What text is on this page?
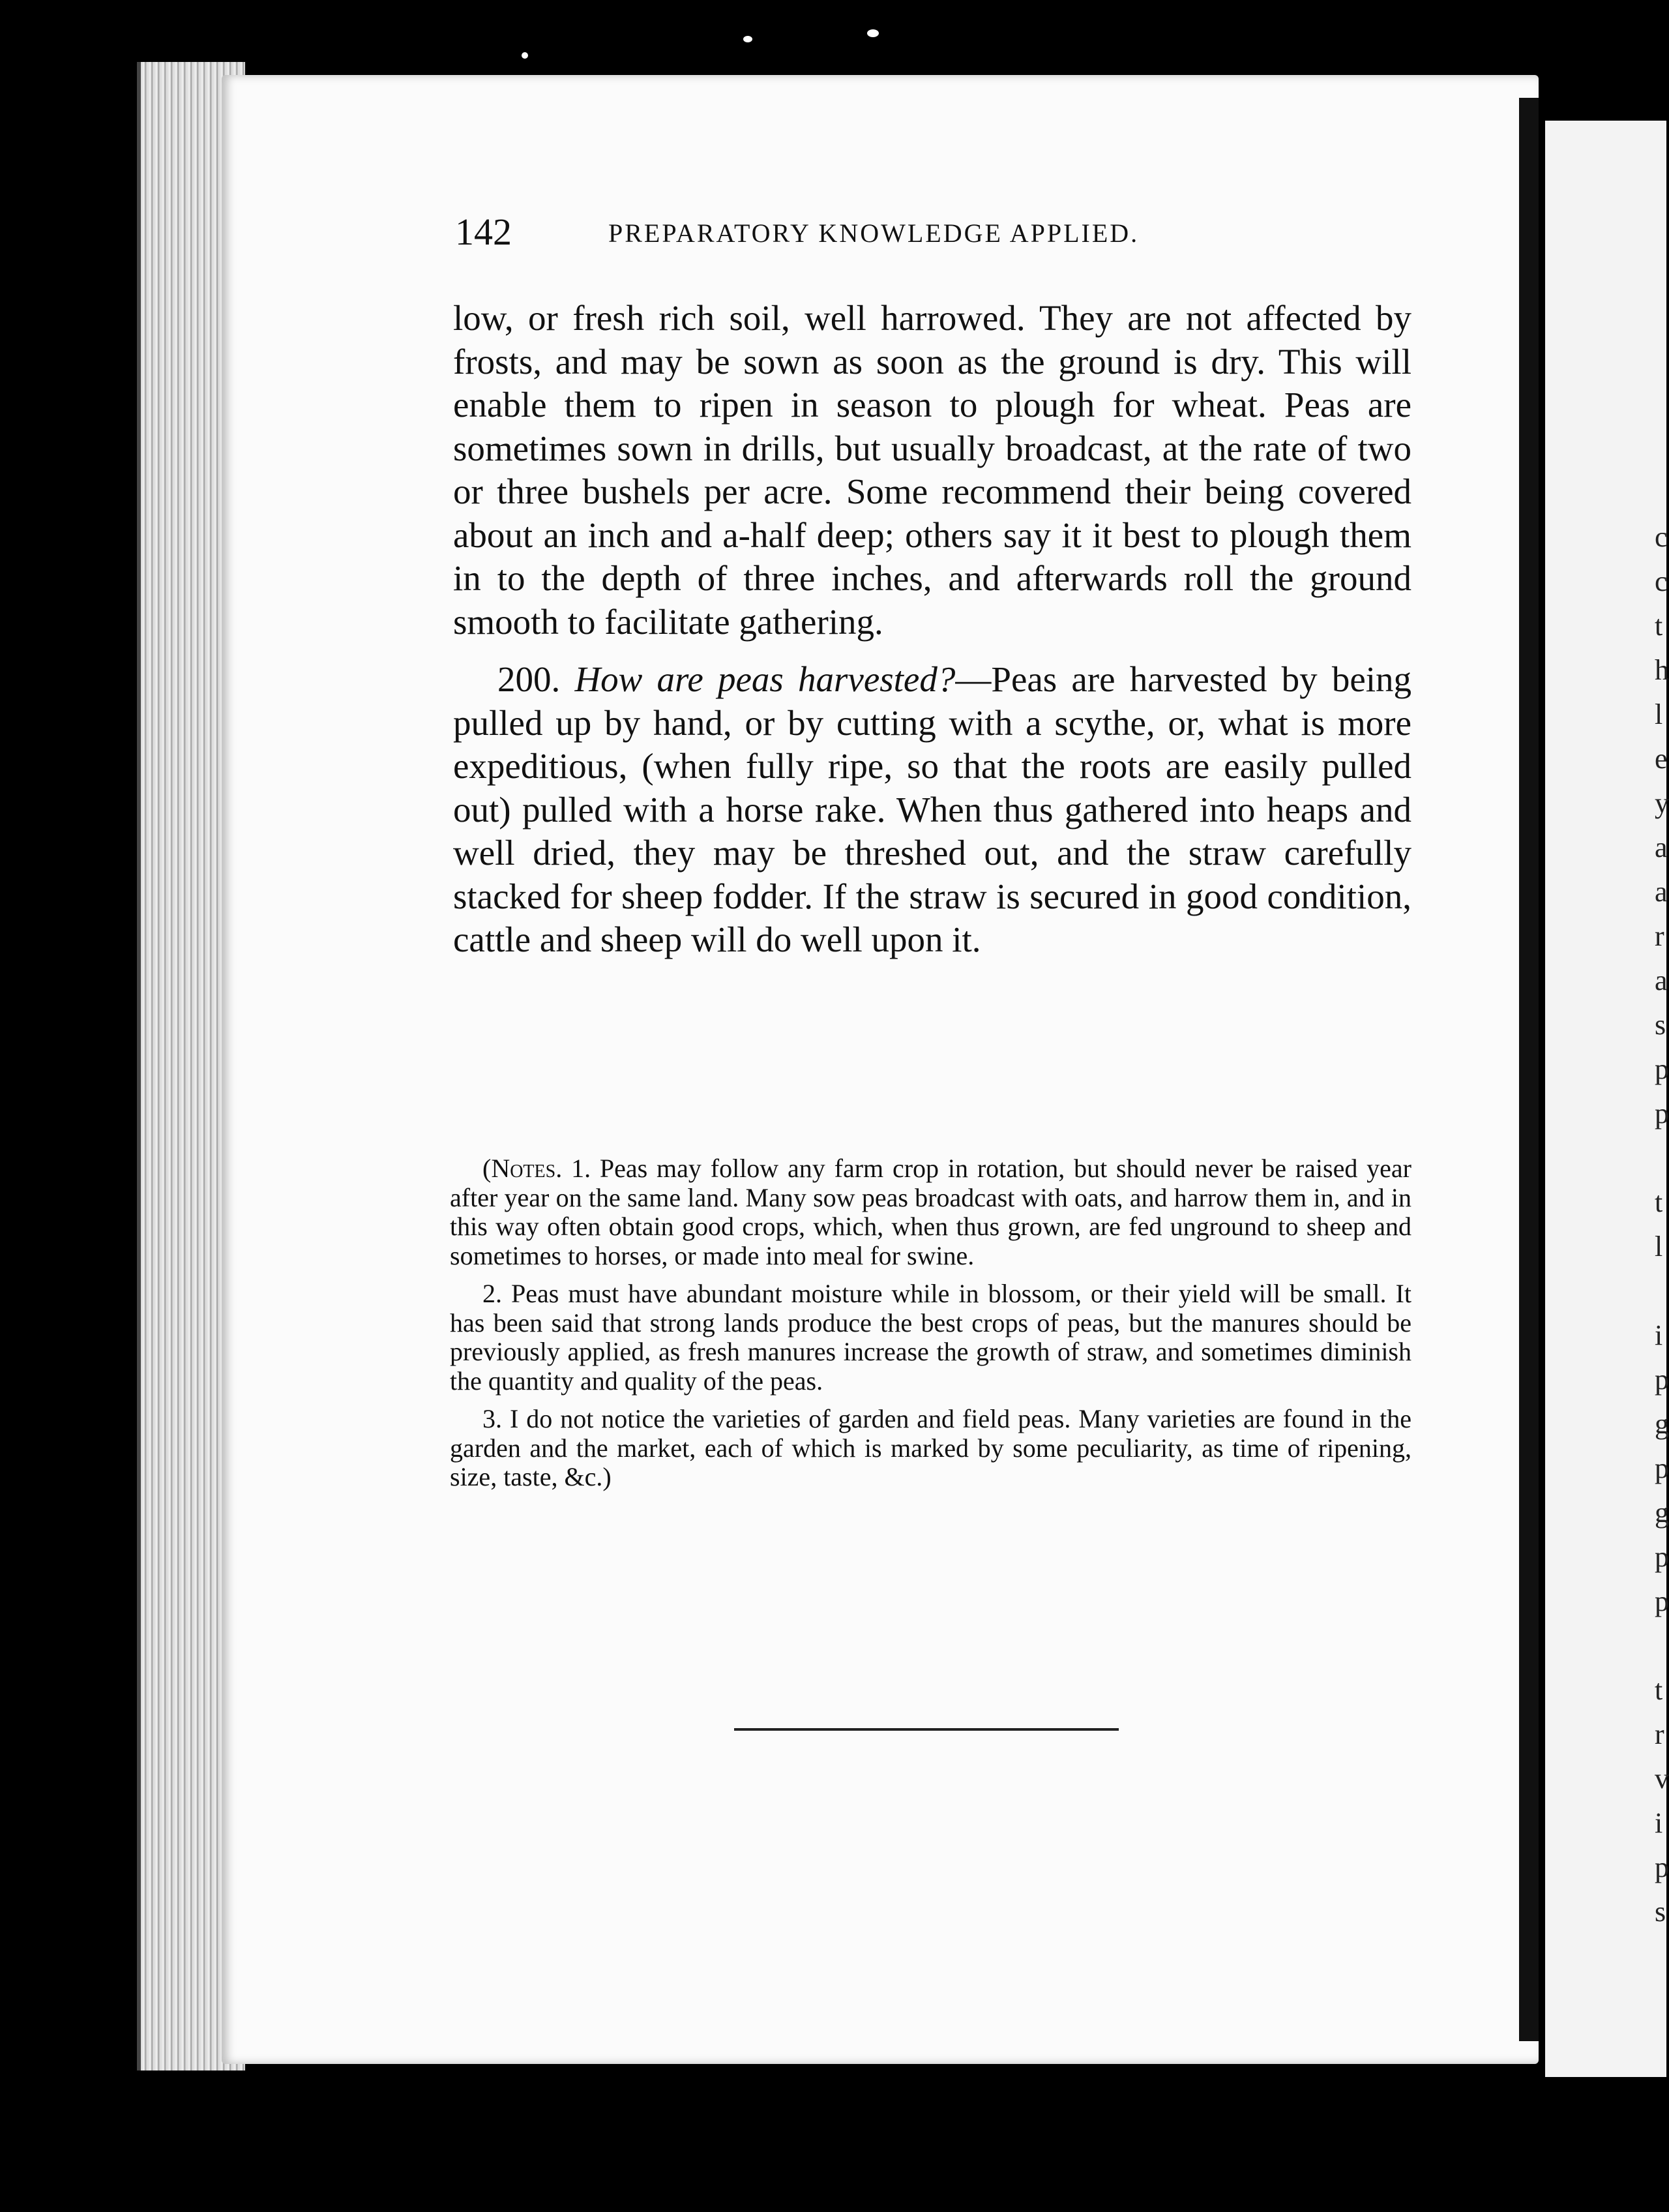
c
c
t
h
l
e
y
a
a
r
a
s
p
p

t
l

i
p
g
p
g
p
p

t
r
v
i
p
s
142	PREPARATORY KNOWLEDGE APPLIED.

low, or fresh rich soil, well harrowed. They are not affected by frosts, and may be sown as soon as the ground is dry. This will enable them to ripen in season to plough for wheat. Peas are sometimes sown in drills, but usually broadcast, at the rate of two or three bushels per acre. Some recommend their being covered about an inch and a-half deep; others say it it best to plough them in to the depth of three inches, and afterwards roll the ground smooth to facilitate gathering.

200. How are peas harvested?—Peas are harvested by being pulled up by hand, or by cutting with a scythe, or, what is more expeditious, (when fully ripe, so that the roots are easily pulled out) pulled with a horse rake. When thus gathered into heaps and well dried, they may be threshed out, and the straw carefully stacked for sheep fodder. If the straw is secured in good condition, cattle and sheep will do well upon it.

(Notes. 1. Peas may follow any farm crop in rotation, but should never be raised year after year on the same land. Many sow peas broadcast with oats, and harrow them in, and in this way often obtain good crops, which, when thus grown, are fed unground to sheep and sometimes to horses, or made into meal for swine.

2. Peas must have abundant moisture while in blossom, or their yield will be small. It has been said that strong lands produce the best crops of peas, but the manures should be previously applied, as fresh manures increase the growth of straw, and sometimes diminish the quantity and quality of the peas.

3. I do not notice the varieties of garden and field peas. Many varieties are found in the garden and the market, each of which is marked by some peculiarity, as time of ripening, size, taste, &c.)
